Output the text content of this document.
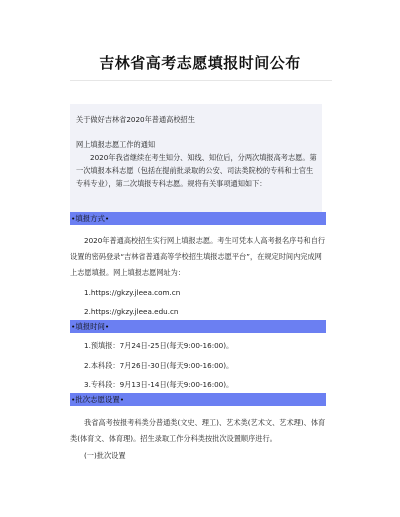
吉林省高考志愿填报时间公布
关于做好吉林省2020年普通高校招生
网上填报志愿工作的通知
2020年我省继续在考生知分、知线、知位后，分两次填报高考志愿。第一次填报本科志愿（包括在提前批录取的公安、司法类院校的专科和士官生专科专业），第二次填报专科志愿。规将有关事项通知如下：
•填报方式•
2020年普通高校招生实行网上填报志愿。考生可凭本人高考报名序号和自行设置的密码登录“吉林省普通高等学校招生填报志愿平台”，在规定时间内完成网上志愿填报。网上填报志愿网址为：
1.https://gkzy.jleea.com.cn
2.https://gkzy.jleea.edu.cn
•填报时间•
1.预填报：7月24日-25日(每天9:00-16:00)。
2.本科段：7月26日-30日(每天9:00-16:00)。
3.专科段：9月13日-14日(每天9:00-16:00)。
•批次志愿设置•
我省高考按报考科类分普通类(文史、理工)、艺术类(艺术文、艺术理)、体育类(体育文、体育理)。招生录取工作分科类按批次设置顺序进行。
(一)批次设置
